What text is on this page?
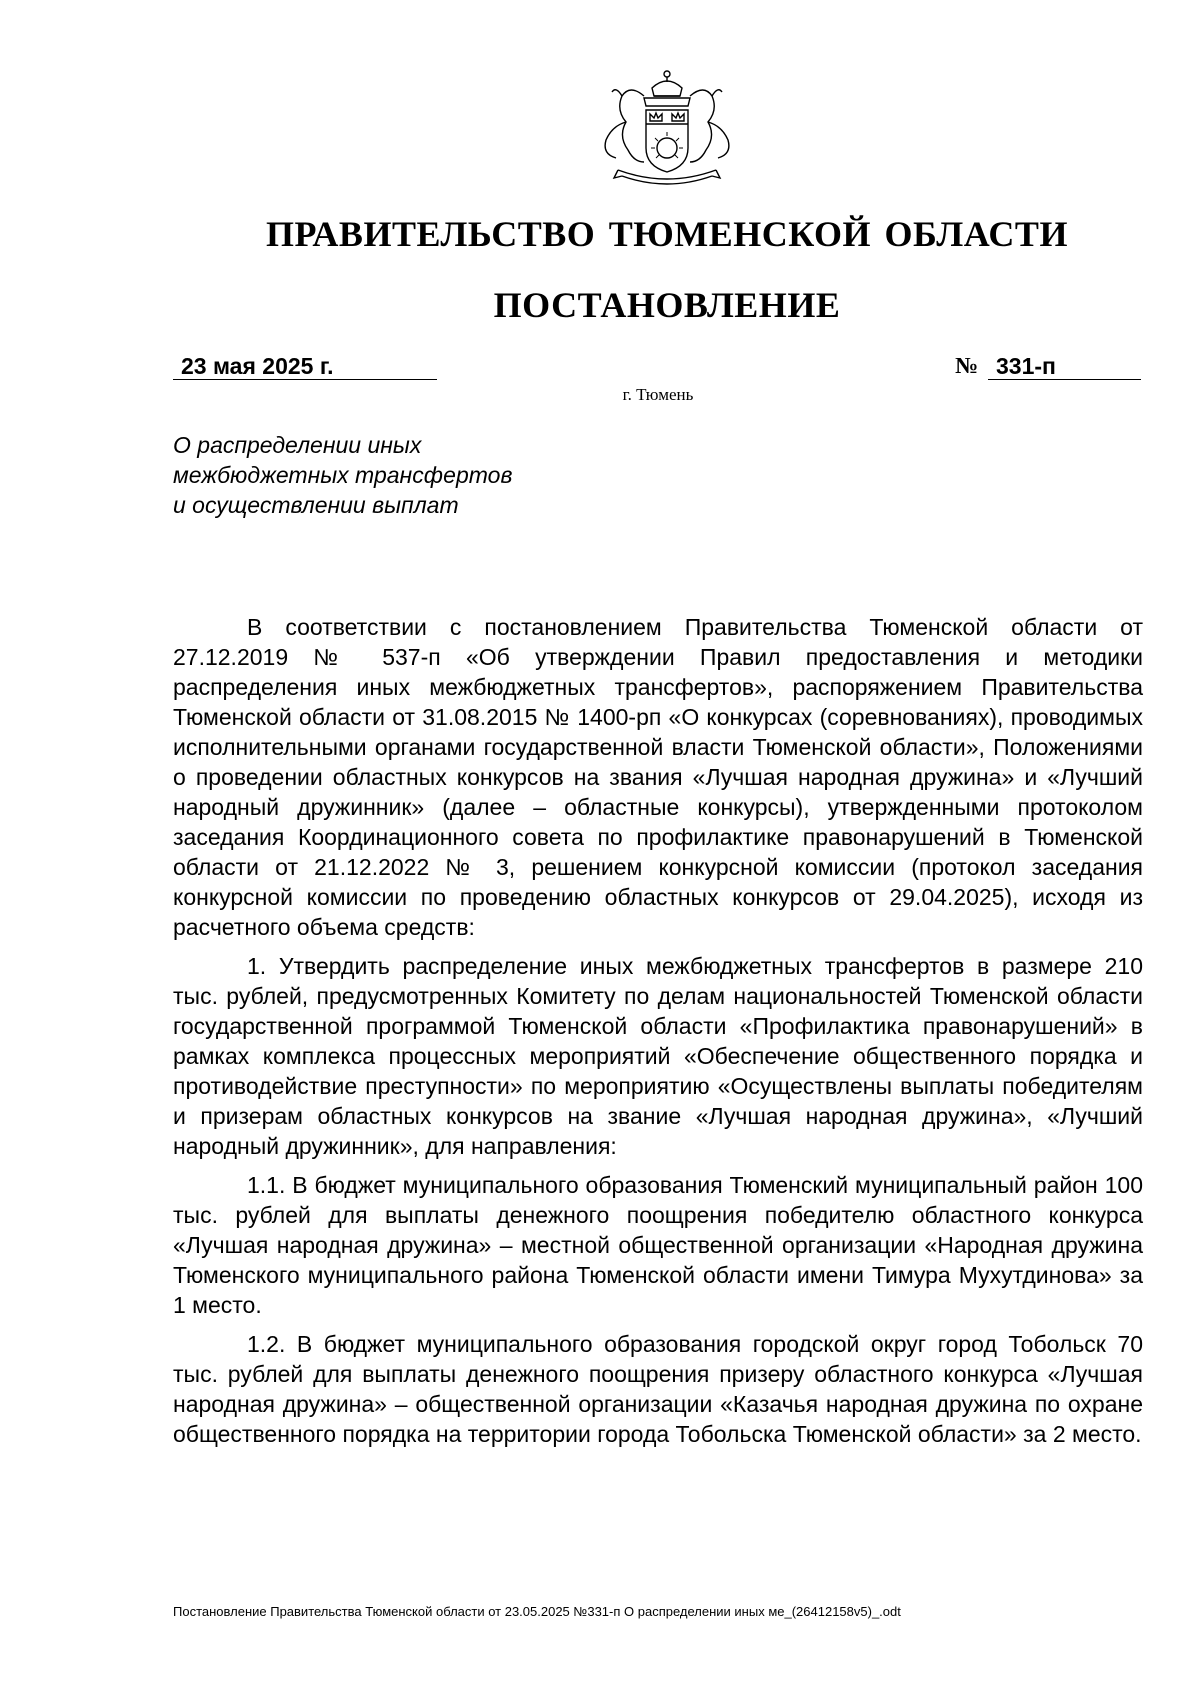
ПРАВИТЕЛЬСТВО ТЮМЕНСКОЙ ОБЛАСТИ
ПОСТАНОВЛЕНИЕ
23 мая 2025 г.	№ 331-п
г. Тюмень
О распределении иных
межбюджетных трансфертов
и осуществлении выплат

В соответствии с постановлением Правительства Тюменской области от 27.12.2019 № 537-п «Об утверждении Правил предоставления и методики распределения иных межбюджетных трансфертов», распоряжением Правительства Тюменской области от 31.08.2015 № 1400-рп «О конкурсах (соревнованиях), проводимых исполнительными органами государственной власти Тюменской области», Положениями о проведении областных конкурсов на звания «Лучшая народная дружина» и «Лучший народный дружинник» (далее – областные конкурсы), утвержденными протоколом заседания Координационного совета по профилактике правонарушений в Тюменской области от 21.12.2022 № 3, решением конкурсной комиссии (протокол заседания конкурсной комиссии по проведению областных конкурсов от 29.04.2025), исходя из расчетного объема средств:

1. Утвердить распределение иных межбюджетных трансфертов в размере 210 тыс. рублей, предусмотренных Комитету по делам национальностей Тюменской области государственной программой Тюменской области «Профилактика правонарушений» в рамках комплекса процессных мероприятий «Обеспечение общественного порядка и противодействие преступности» по мероприятию «Осуществлены выплаты победителям и призерам областных конкурсов на звание «Лучшая народная дружина», «Лучший народный дружинник», для направления:

1.1. В бюджет муниципального образования Тюменский муниципальный район 100 тыс. рублей для выплаты денежного поощрения победителю областного конкурса «Лучшая народная дружина» – местной общественной организации «Народная дружина Тюменского муниципального района Тюменской области имени Тимура Мухутдинова» за 1 место.

1.2. В бюджет муниципального образования городской округ город Тобольск 70 тыс. рублей для выплаты денежного поощрения призеру областного конкурса «Лучшая народная дружина» – общественной организации «Казачья народная дружина по охране общественного порядка на территории города Тобольска Тюменской области» за 2 место.

Постановление Правительства Тюменской области от 23.05.2025 №331-п О распределении иных ме_(26412158v5)_.odt
